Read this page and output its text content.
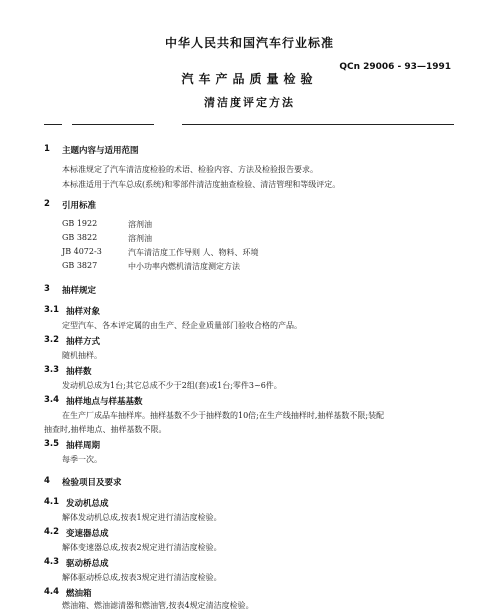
中华人民共和国汽车行业标准
QCn 29006 - 93—1991
汽车产品质量检验
清洁度评定方法
1 主题内容与适用范围
本标准规定了汽车清洁度检验的术语、检验内容、方法及检验报告要求。
本标准适用于汽车总成(系统)和零部件清洁度抽查检验、清洁管理和等级评定。
2 引用标准
GB 1922	溶剂油
GB 3822	溶剂油
JB 4072-3	汽车清洁度工作导则 人、物料、环境
GB 3827	中小功率内燃机清洁度测定方法
3 抽样规定
3.1 抽样对象
定型汽车、各本评定属的由生产、经企业质量部门验收合格的产品。
3.2 抽样方式
随机抽样。
3.3 抽样数
发动机总成为1台;其它总成不少于2组(套)或1台;零件3~6件。
3.4 抽样地点与样基基数
在生产厂成品车抽样库。抽样基数不少于抽样数的10倍;在生产线抽样时,抽样基数不限;装配
抽查时,抽样地点、抽样基数不限。
3.5 抽样周期
每季一次。
4 检验项目及要求
4.1 发动机总成
解体发动机总成,按表1规定进行清洁度检验。
4.2 变速器总成
解体变速器总成,按表2规定进行清洁度检验。
4.3 驱动桥总成
解体驱动桥总成,按表3规定进行清洁度检验。
4.4 燃油箱
燃油箱、燃油滤清器和燃油管,按表4规定清洁度检验。
